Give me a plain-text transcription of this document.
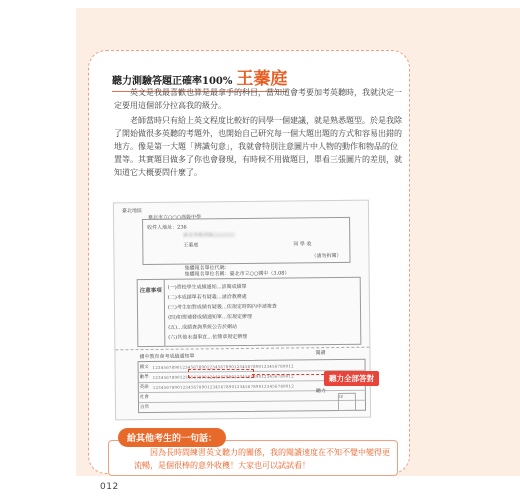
聽力測驗答題正確率100% 王蓁庭

英文是我最喜歡也算是最拿手的科目，當知道會考要加考英聽時，我就決定一定要用這個部分拉高我的級分。

老師當時只有給上英文程度比較好的同學一個建議，就是熟悉題型。於是我除了開始做很多英聽的考題外，也開始自己研究每一個大題出題的方式和容易出錯的地方。像是第一大題「辨識句意」，我就會特別注意圖片中人物的動作和物品的位置等。其實題目做多了你也會發現，有時候不用做題目，單看三張圖片的差別，就知道它大概要問什麼了。

臺北地區
臺北市立○○○高級中學
收件人地址：236
新北市新店區○○○○○
王蓁庭	同 學 收
（請勿拆閱）
集體報名單位代碼：
集體報名單位名稱：臺北市立○○國中（3.08）
注意事項
(一)貴校學生成績通知…詳閱成績單
(二)本成績單若有疑義…請洽教務處
(三)考生如對成績有疑義…依規定時間內申請複查
(四)如需補發成績通知單…依規定辦理
(五)…成績查詢系統公告於網站
(六)其他未盡事宜…依簡章規定辦理
國中教育會考成績通知單
國文
數學
英語
社會
自然
1234567890123456789012345678901234567890123456789012
1234567890123456789012345678901234567890123456789012
1234567890123456789012345678901234567890123456789012
閱讀
聽力
印
聽力全部答對
給其他考生的一句話：

因為長時間練習英文聽力的關係，我的閱讀速度在不知不覺中變得更流暢，是個很棒的意外收穫！大家也可以試試看！

012
